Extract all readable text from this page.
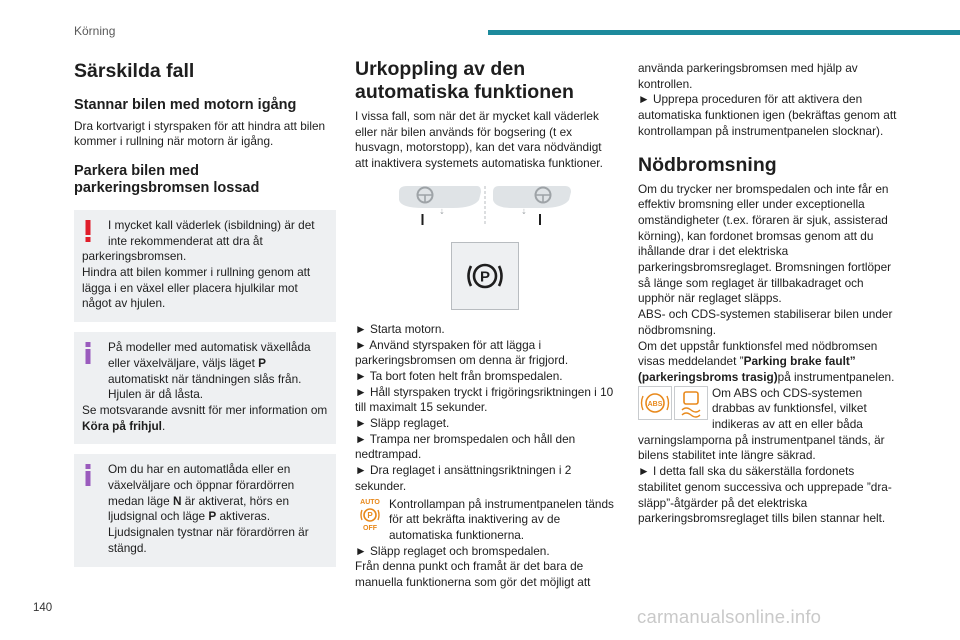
Körning
Särskilda fall
Stannar bilen med motorn igång

Dra kortvarigt i styrspaken för att hindra att bilen kommer i rullning när motorn är igång.

Parkera bilen med parkeringsbromsen lossad
I mycket kall väderlek (isbildning) är det inte rekommenderat att dra åt
parkeringsbromsen.
Hindra att bilen kommer i rullning genom att lägga i en växel eller placera hjulkilar mot något av hjulen.
På modeller med automatisk växellåda eller växelväljare, väljs läget P automatiskt när tändningen slås från. Hjulen är då låsta.
Se motsvarande avsnitt för mer information om Köra på frihjul.
Om du har en automatlåda eller en växelväljare och öppnar förardörren medan läge N är aktiverat, hörs en ljudsignal och läge P aktiveras. Ljudsignalen tystnar när förardörren är stängd.
Urkoppling av den automatiska funktionen

I vissa fall, som när det är mycket kall väderlek eller när bilen används för bogsering (t ex husvagn, motorstopp), kan det vara nödvändigt att inaktivera systemets automatiska funktioner.

⇣	⇣
P

► Starta motorn.

► Använd styrspaken för att lägga i parkeringsbromsen om denna är frigjord.

► Ta bort foten helt från bromspedalen.

► Håll styrspaken tryckt i frigöringsriktningen i 10 till maximalt 15 sekunder.

► Släpp reglaget.

► Trampa ner bromspedalen och håll den nedtrampad.

► Dra reglaget i ansättningsriktningen i 2 sekunder.

AUTO
P
OFF

Kontrollampan på instrumentpanelen tänds för att bekräfta inaktivering av de automatiska funktionerna.

► Släpp reglaget och bromspedalen.

Från denna punkt och framåt är det bara de manuella funktionerna som gör det möjligt att

använda parkeringsbromsen med hjälp av kontrollen.

► Upprepa proceduren för att aktivera den automatiska funktionen igen (bekräftas genom att kontrollampan på instrumentpanelen slocknar).

Nödbromsning

Om du trycker ner bromspedalen och inte får en effektiv bromsning eller under exceptionella omständigheter (t.ex. föraren är sjuk, assisterad körning), kan fordonet bromsas genom att du ihållande drar i det elektriska parkeringsbromsreglaget. Bromsningen fortlöper så länge som reglaget är tillbakadraget och upphör när reglaget släpps.

ABS- och CDS-systemen stabiliserar bilen under nödbromsning.

Om det uppstår funktionsfel med nödbromsen visas meddelandet ”Parking brake fault” (parkeringsbroms trasig)på instrumentpanelen.

ABS

Om ABS och CDS-systemen drabbas av funktionsfel, vilket indikeras av att en eller båda varningslamporna på instrumentpanel tänds, är bilens stabilitet inte längre säkrad.

► I detta fall ska du säkerställa fordonets stabilitet genom successiva och upprepade ”dra-släpp”-åtgärder på det elektriska parkeringsbromsreglaget tills bilen stannar helt.

140	carmanualsonline.info
